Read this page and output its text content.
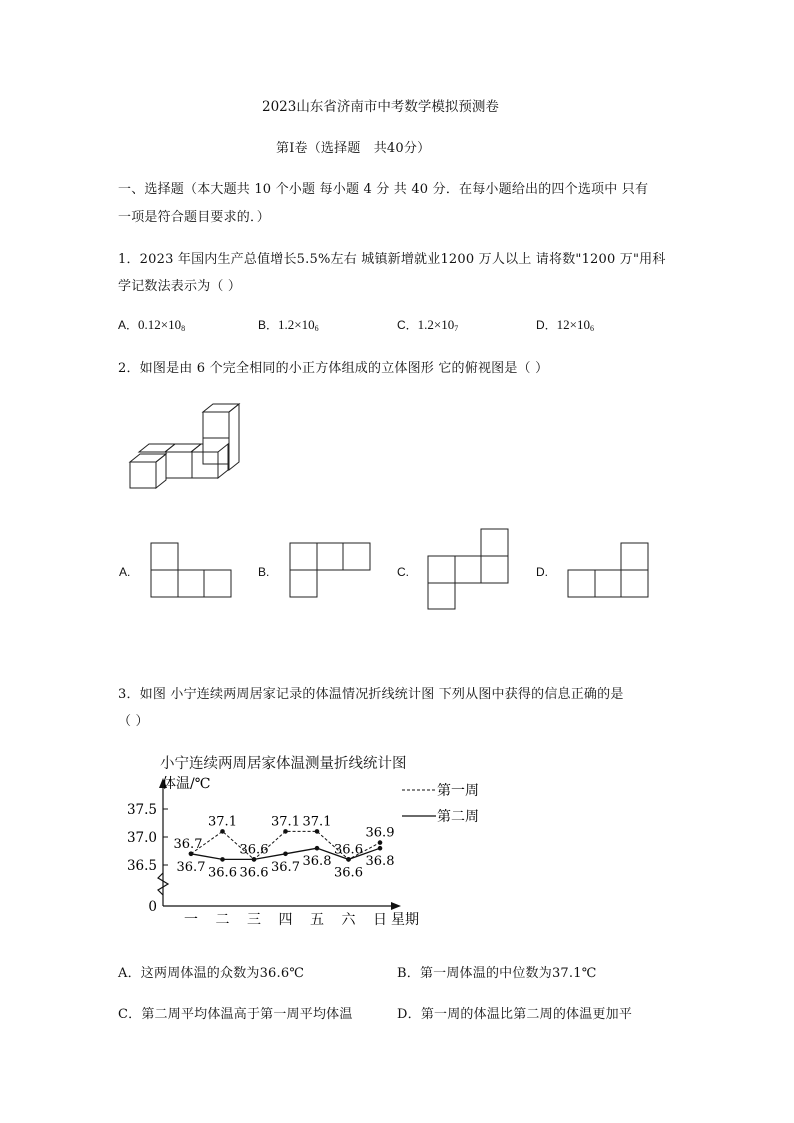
2023山东省济南市中考数学模拟预测卷
第Ⅰ卷（选择题　共40分）
一、选择题（本大题共 10 个小题 每小题 4 分 共 40 分．在每小题给出的四个选项中 只有
一项是符合题目要求的．）
1．2023 年国内生产总值增长5.5%左右 城镇新增就业1200 万人以上 请将数"1200 万"用科
学记数法表示为（ ）
A．$0.12\times 10_8$	B．$1.2\times 10_6$	C．$1.2\times 10_7$	D．$12\times 10_6$
2．如图是由 6 个完全相同的小正方体组成的立体图形 它的俯视图是（ ）
A.	B.	C.	D.
3．如图 小宁连续两周居家记录的体温情况折线统计图 下列从图中获得的信息正确的是
（ ）
小宁连续两周居家体温测量折线统计图
体温/℃
37.5
37.0
36.5
0
一 二 三 四 五 六 日 星期
36.7
37.1
36.6
37.1 37.1
36.6
36.9
36.7 36.6 36.6 36.7 36.8
36.6
36.8
第一周
第二周
A．这两周体温的众数为36.6℃	B．第一周体温的中位数为37.1℃
C．第二周平均体温高于第一周平均体温	D．第一周的体温比第二周的体温更加平
